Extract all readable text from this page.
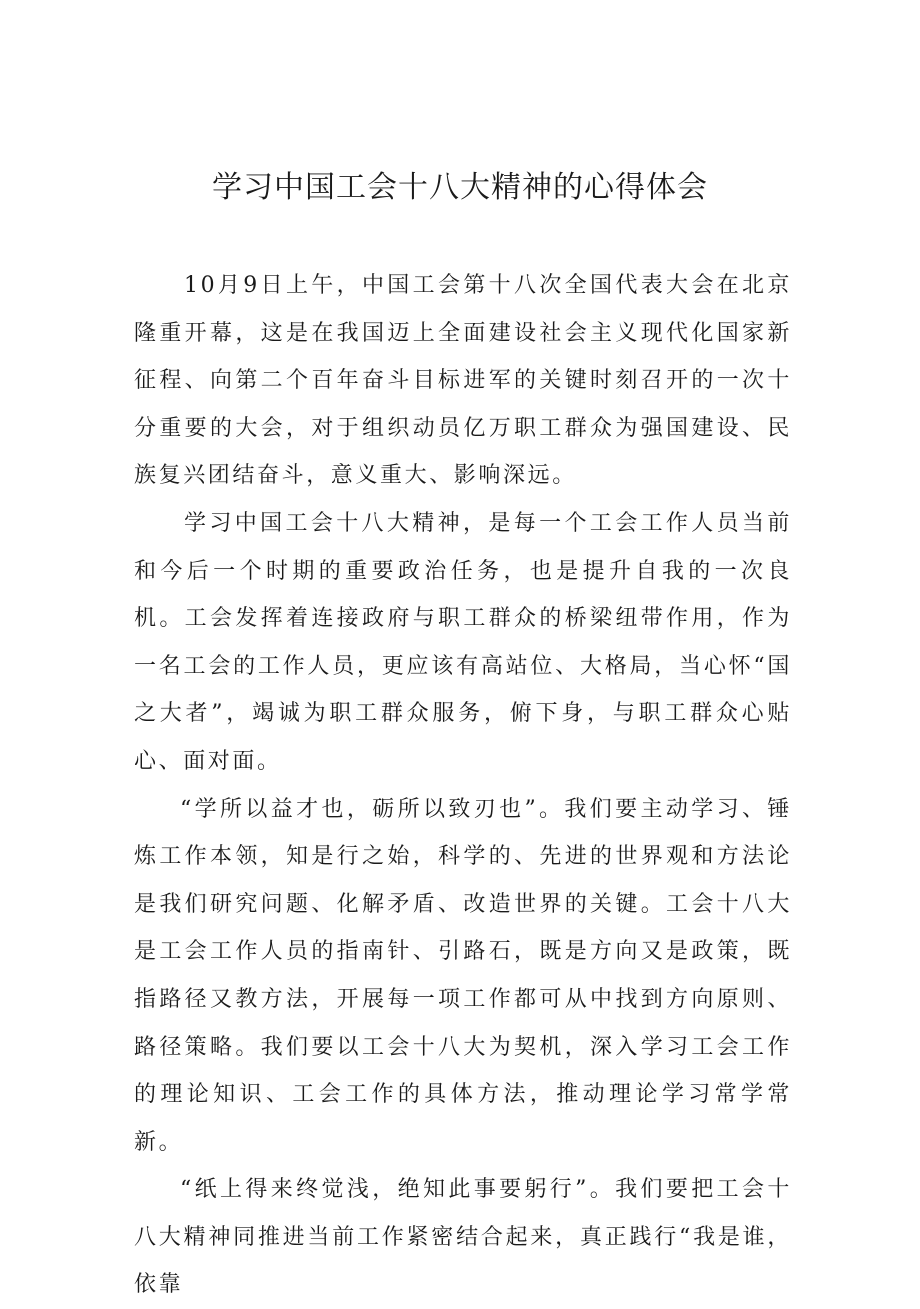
学习中国工会十八大精神的心得体会

10月9日上午，中国工会第十八次全国代表大会在北京隆重开幕，这是在我国迈上全面建设社会主义现代化国家新征程、向第二个百年奋斗目标进军的关键时刻召开的一次十分重要的大会，对于组织动员亿万职工群众为强国建设、民族复兴团结奋斗，意义重大、影响深远。

学习中国工会十八大精神，是每一个工会工作人员当前和今后一个时期的重要政治任务，也是提升自我的一次良机。工会发挥着连接政府与职工群众的桥梁纽带作用，作为一名工会的工作人员，更应该有高站位、大格局，当心怀“国之大者”，竭诚为职工群众服务，俯下身，与职工群众心贴心、面对面。

“学所以益才也，砺所以致刃也”。我们要主动学习、锤炼工作本领，知是行之始，科学的、先进的世界观和方法论是我们研究问题、化解矛盾、改造世界的关键。工会十八大是工会工作人员的指南针、引路石，既是方向又是政策，既指路径又教方法，开展每一项工作都可从中找到方向原则、路径策略。我们要以工会十八大为契机，深入学习工会工作的理论知识、工会工作的具体方法，推动理论学习常学常新。

“纸上得来终觉浅，绝知此事要躬行”。我们要把工会十八大精神同推进当前工作紧密结合起来，真正践行“我是谁，依靠
